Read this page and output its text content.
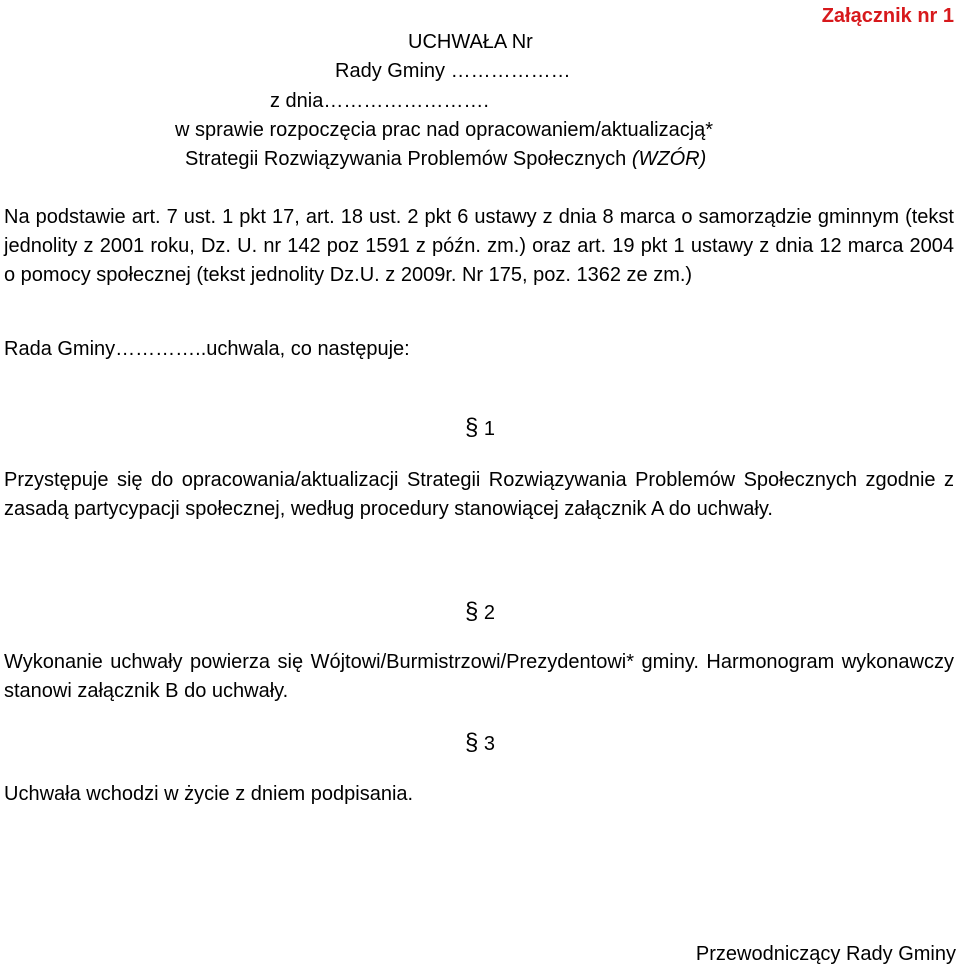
Załącznik nr 1
UCHWAŁA Nr
Rady Gminy ………………
z dnia…………………….
w sprawie rozpoczęcia prac nad opracowaniem/aktualizacją*
Strategii Rozwiązywania Problemów Społecznych (WZÓR)
Na podstawie art. 7 ust. 1 pkt 17, art. 18 ust. 2 pkt 6 ustawy z dnia 8 marca o samorządzie gminnym (tekst jednolity z 2001 roku, Dz. U. nr 142 poz 1591 z późn. zm.) oraz art. 19 pkt 1 ustawy z dnia 12 marca 2004 o pomocy społecznej (tekst jednolity Dz.U. z 2009r. Nr 175, poz. 1362 ze zm.)
Rada Gminy…………..uchwala, co następuje:
§ 1
Przystępuje się do opracowania/aktualizacji Strategii Rozwiązywania Problemów Społecznych zgodnie z zasadą partycypacji społecznej, według procedury stanowiącej załącznik A do uchwały.
§ 2
Wykonanie uchwały powierza się Wójtowi/Burmistrzowi/Prezydentowi* gminy. Harmonogram wykonawczy stanowi załącznik B do uchwały.
§ 3
Uchwała wchodzi w życie z dniem podpisania.
Przewodniczący Rady Gminy
